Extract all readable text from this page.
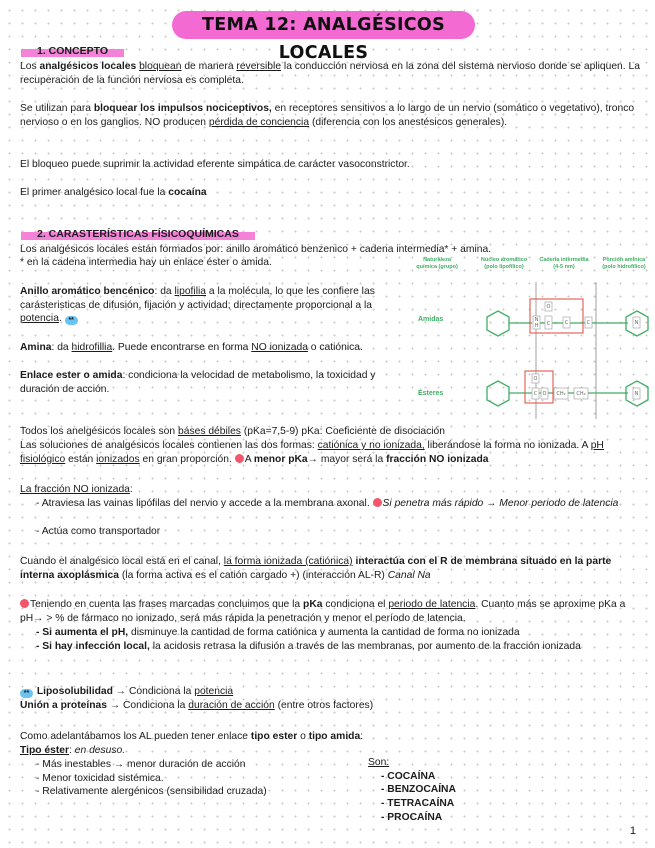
TEMA 12: ANALGÉSICOS LOCALES
1. CONCEPTO

Los analgésicos locales bloquean de manera reversible la conducción nerviosa en la zona del sistema nervioso donde se apliquen. La recuperación de la función nerviosa es completa.

Se utilizan para bloquear los impulsos nociceptivos, en receptores sensitivos a lo largo de un nervio (somático o vegetativo), tronco nervioso o en los ganglios. NO producen pérdida de conciencia (diferencia con los anestésicos generales).

El bloqueo puede suprimir la actividad eferente simpática de carácter vasoconstrictor.

El primer analgésico local fue la cocaína

2. CARASTERÍSTICAS FÍSICOQUÍMICAS

Los analgésicos locales están formados por: anillo aromático benzenico + cadena intermedia* + amina.

* en la cadena intermedia hay un enlace éster o amida.

Anillo aromático bencénico: da lipofilia a la molécula, lo que les confiere las carásteristicas de difusión, fijación y actividad; directamente proporcional a la potencia. **

Amina: da hidrofillia. Puede encontrarse en forma NO ionizada o catiónica.

Enlace ester o amida: condiciona la velocidad de metabolismo, la toxicidad y duración de acción.

Naturaleza química (grupo)
Núcleo aromático (polo lipofílico)
Cadena intermedia (4-5 nm)
Porción amínica (polo hidrofílico)
Amidas
Ésteres
N
H C
O
C	C	N
C O
O
CH₂ CH₂	N

Todos los anelgésicos locales son báses débiles (pKa=7,5-9) pKa: Coeficiente de disociación

Las soluciones de analgésicos locales contienen las dos formas: catiónica y no ionizada, liberándose la forma no ionizada. A pH fisiológico están ionizados en gran proporción. A menor pKa→ mayor será la fracción NO ionizada

La fracción NO ionizada:

- Atraviesa las vainas lipófilas del nervio y accede a la membrana axonal. Si penetra más rápido → Menor periodo de latencia

- Actúa como transportador

Cuando el analgésico local está en el canal, la forma ionizada (catiónica) interactúa con el R de membrana situado en la parte interna axoplásmica (la forma activa es el catión cargado +) (interacción AL-R) Canal Na

Teniendo en cuenta las frases marcadas concluimos que la pKa condiciona el periodo de latencia. Cuanto más se aproxime pKa a pH→ > % de fármaco no ionizado, será más rápida la penetración y menor el período de latencia.

- Si aumenta el pH, disminuye la cantidad de forma catiónica y aumenta la cantidad de forma no ionizada

- Si hay infección local, la acidosis retrasa la difusión a través de las membranas, por aumento de la fracción ionizada

** Liposolubilidad → Condiciona la potencia

Unión a proteínas → Condiciona la duración de acción (entre otros factores)

Como adelantábamos los AL pueden tener enlace tipo ester o tipo amida:

Tipo éster: en desuso.

- Más inestables → menor duración de acción
- Menor toxicidad sistémica.
- Relativamente alergénicos (sensibilidad cruzada)
Son:
- COCAÍNA
- BENZOCAÍNA
- TETRACAÍNA
- PROCAÍNA
1
